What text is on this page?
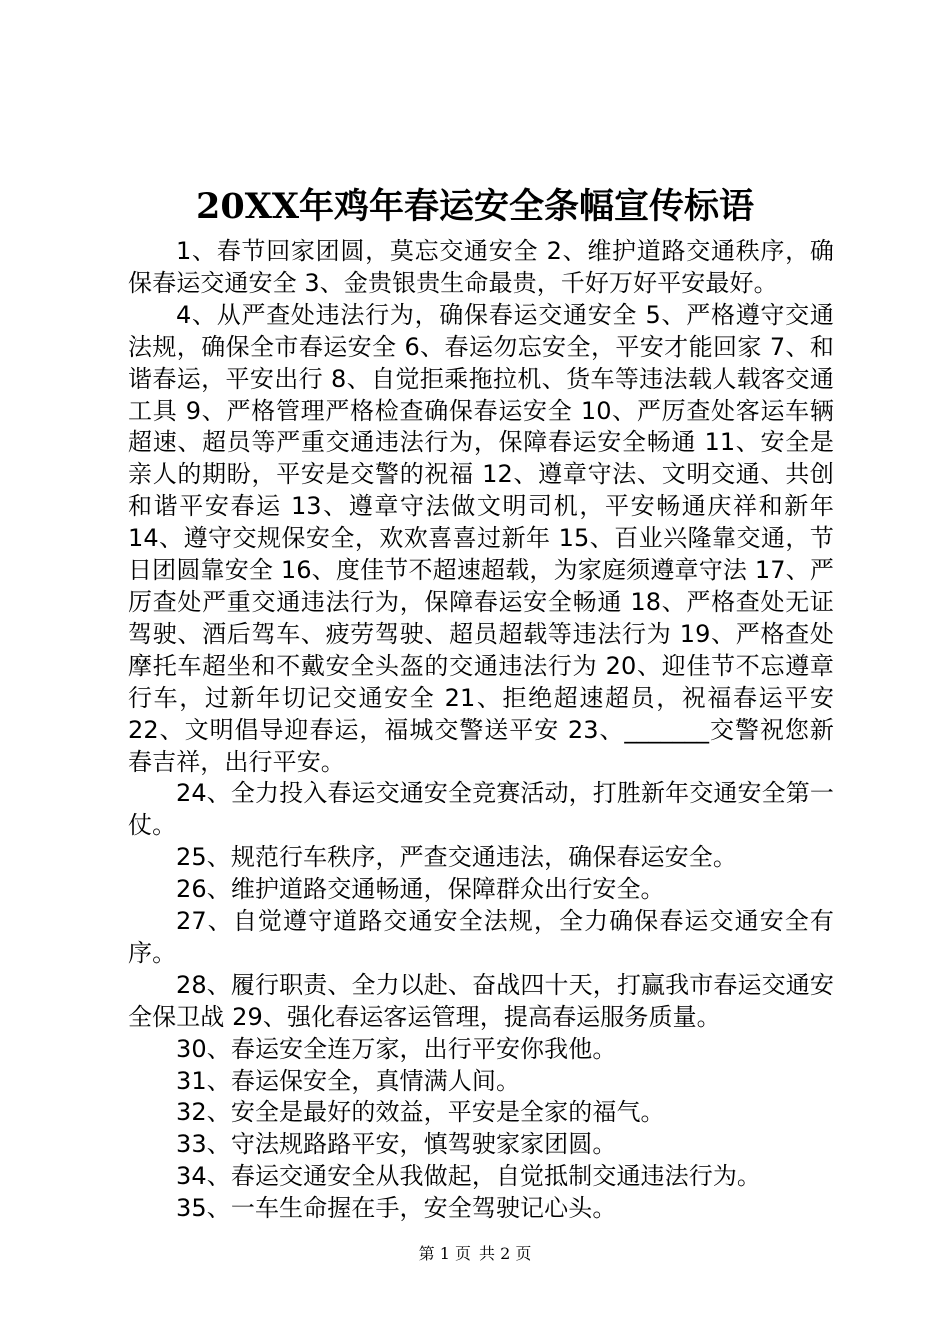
20XX年鸡年春运安全条幅宣传标语

1、春节回家团圆，莫忘交通安全 2、维护道路交通秩序，确保春运交通安全 3、金贵银贵生命最贵，千好万好平安最好。

4、从严查处违法行为，确保春运交通安全 5、严格遵守交通法规，确保全市春运安全 6、春运勿忘安全，平安才能回家 7、和谐春运，平安出行 8、自觉拒乘拖拉机、货车等违法载人载客交通工具 9、严格管理严格检查确保春运安全 10、严厉查处客运车辆超速、超员等严重交通违法行为，保障春运安全畅通 11、安全是亲人的期盼，平安是交警的祝福 12、遵章守法、文明交通、共创和谐平安春运 13、遵章守法做文明司机，平安畅通庆祥和新年 14、遵守交规保安全，欢欢喜喜过新年 15、百业兴隆靠交通，节日团圆靠安全 16、度佳节不超速超载，为家庭须遵章守法 17、严厉查处严重交通违法行为，保障春运安全畅通 18、严格查处无证驾驶、酒后驾车、疲劳驾驶、超员超载等违法行为 19、严格查处摩托车超坐和不戴安全头盔的交通违法行为 20、迎佳节不忘遵章行车，过新年切记交通安全 21、拒绝超速超员，祝福春运平安 22、文明倡导迎春运，福城交警送平安 23、_______交警祝您新春吉祥，出行平安。

24、全力投入春运交通安全竞赛活动，打胜新年交通安全第一仗。

25、规范行车秩序，严查交通违法，确保春运安全。

26、维护道路交通畅通，保障群众出行安全。

27、自觉遵守道路交通安全法规，全力确保春运交通安全有序。

28、履行职责、全力以赴、奋战四十天，打赢我市春运交通安全保卫战 29、强化春运客运管理，提高春运服务质量。

30、春运安全连万家，出行平安你我他。

31、春运保安全，真情满人间。

32、安全是最好的效益，平安是全家的福气。

33、守法规路路平安，慎驾驶家家团圆。

34、春运交通安全从我做起，自觉抵制交通违法行为。

35、一车生命握在手，安全驾驶记心头。

第 1 页 共 2 页
